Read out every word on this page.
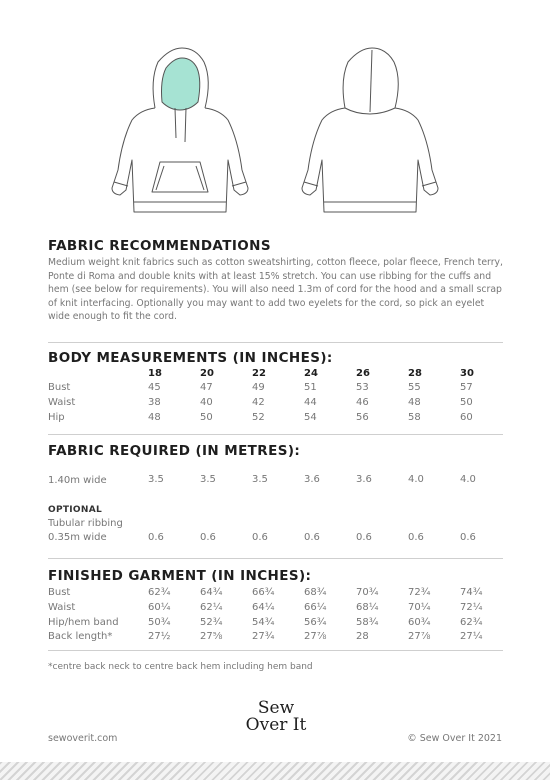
FABRIC RECOMMENDATIONS
Medium weight knit fabrics such as cotton sweatshirting, cotton fleece, polar fleece, French terry, Ponte di Roma and double knits with at least 15% stretch. You can use ribbing for the cuffs and hem (see below for requirements). You will also need 1.3m of cord for the hood and a small scrap of knit interfacing. Optionally you may want to add two eyelets for the cord, so pick an eyelet wide enough to fit the cord.
BODY MEASUREMENTS (IN INCHES):
18	20	22	24	26	28	30
Bust	45	47	49	51	53	55	57
Waist	38	40	42	44	46	48	50
Hip	48	50	52	54	56	58	60
FABRIC REQUIRED (IN METRES):
1.40m wide	3.5	3.5	3.5	3.6	3.6	4.0	4.0
OPTIONAL
Tubular ribbing
0.35m wide	0.6	0.6	0.6	0.6	0.6	0.6	0.6
FINISHED GARMENT (IN INCHES):
Bust	62¾	64¾	66¾	68¾	70¾	72¾	74¾
Waist	60¼	62¼	64¼	66¼	68¼	70¼	72¼
Hip/hem band	50¾	52¾	54¾	56¾	58¾	60¾	62¾
Back length*	27½	27⅝	27¾	27⅞	28	27⅞	27¼
*centre back neck to centre back hem including hem band
sewoverit.com
Sew
Over It
© Sew Over It 2021
